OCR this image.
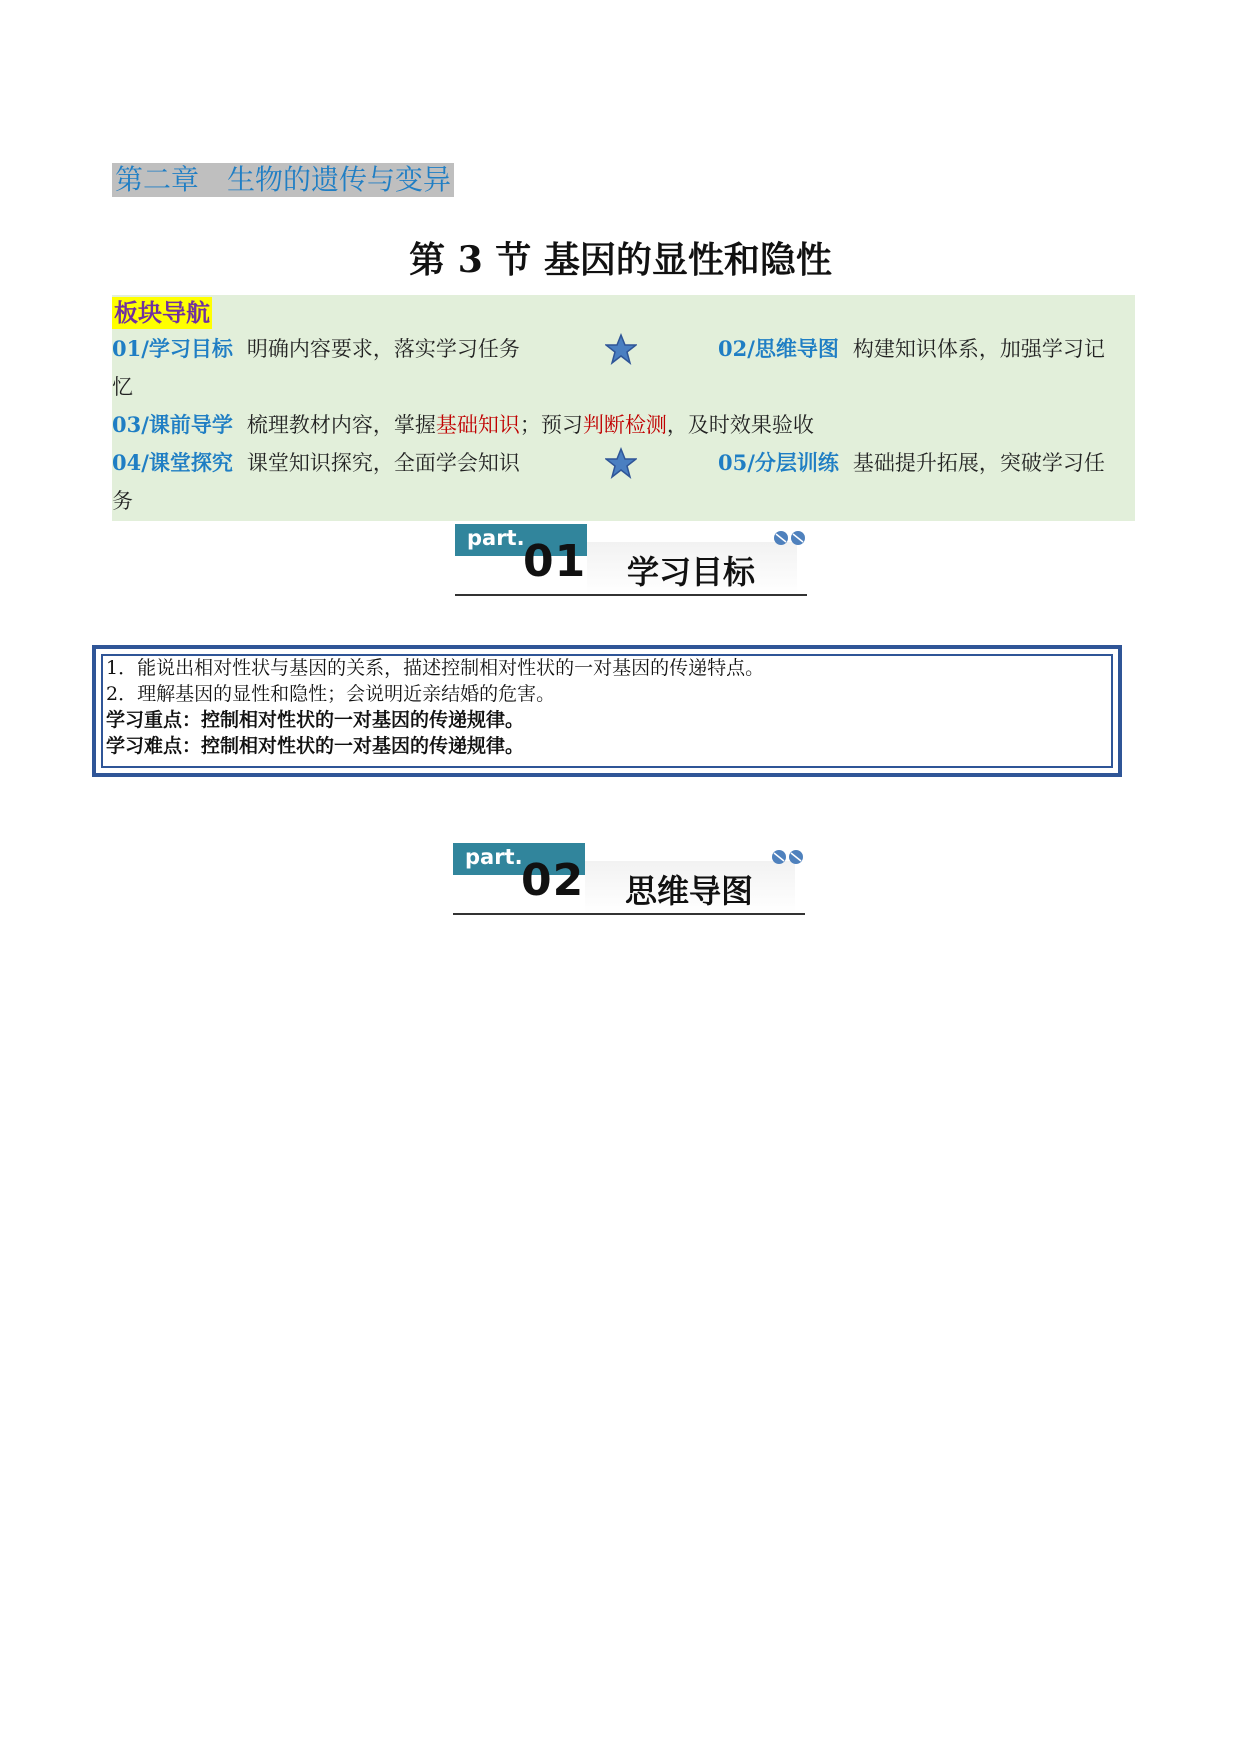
第二章　生物的遗传与变异
第 3 节 基因的显性和隐性
板块导航
01/学习目标 明确内容要求，落实学习任务	02/思维导图 构建知识体系，加强学习记
忆
03/课前导学 梳理教材内容，掌握基础知识；预习判断检测，及时效果验收
04/课堂探究 课堂知识探究，全面学会知识	05/分层训练 基础提升拓展，突破学习任
务
part.
01 学习目标
1．能说出相对性状与基因的关系，描述控制相对性状的一对基因的传递特点。
2．理解基因的显性和隐性；会说明近亲结婚的危害。
学习重点：控制相对性状的一对基因的传递规律。
学习难点：控制相对性状的一对基因的传递规律。
part.
02 思维导图
